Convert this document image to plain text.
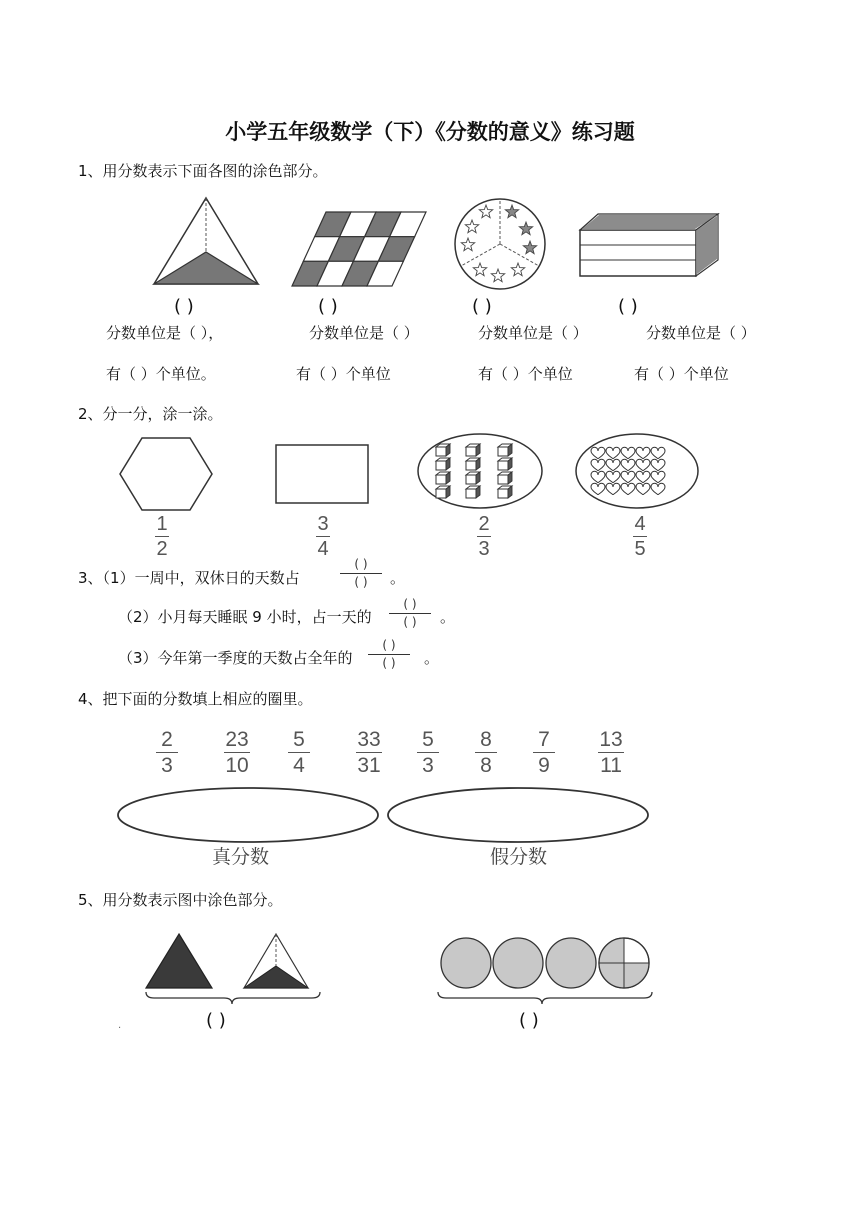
小学五年级数学（下）《分数的意义》练习题
1、用分数表示下面各图的涂色部分。
( )	( )	( )	( )
分数单位是（ ），	分数单位是（ ）	分数单位是（ ）	分数单位是（ ）
有（ ）个单位。	有（ ）个单位	有（ ）个单位	有（ ）个单位
2、分一分，涂一涂。
1
2
3
4
2
3
4
5
3、（1）一周中，双休日的天数占
( )
( )	。
（2）小月每天睡眠 9 小时，占一天的
( )
( )	。
（3）今年第一季度的天数占全年的
( )
( )	。
4、把下面的分数填上相应的圈里。
2
3
23
10
5
4
33
31
5
3
8
8
7
9
13
11
真分数	假分数
5、用分数表示图中涂色部分。
.	( )	( )
